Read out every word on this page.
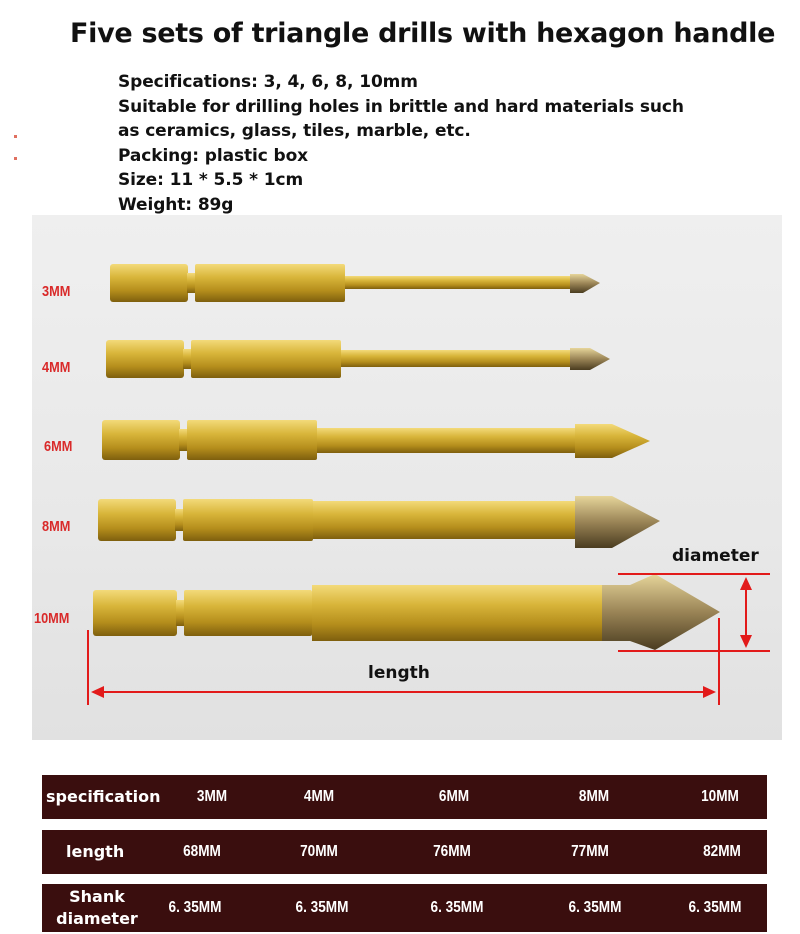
Five sets of triangle drills with hexagon handle
Specifications: 3, 4, 6, 8, 10mm
Suitable for drilling holes in brittle and hard materials such
as ceramics, glass, tiles, marble, etc.
Packing: plastic box
Size: 11 * 5.5 * 1cm
Weight: 89g
3MM
4MM
6MM
8MM
10MM
diameter
length
specification	3MM	4MM	6MM	8MM	10MM
length	68MM	70MM	76MM	77MM	82MM
Shank
diameter
6. 35MM	6. 35MM	6. 35MM	6. 35MM	6. 35MM
